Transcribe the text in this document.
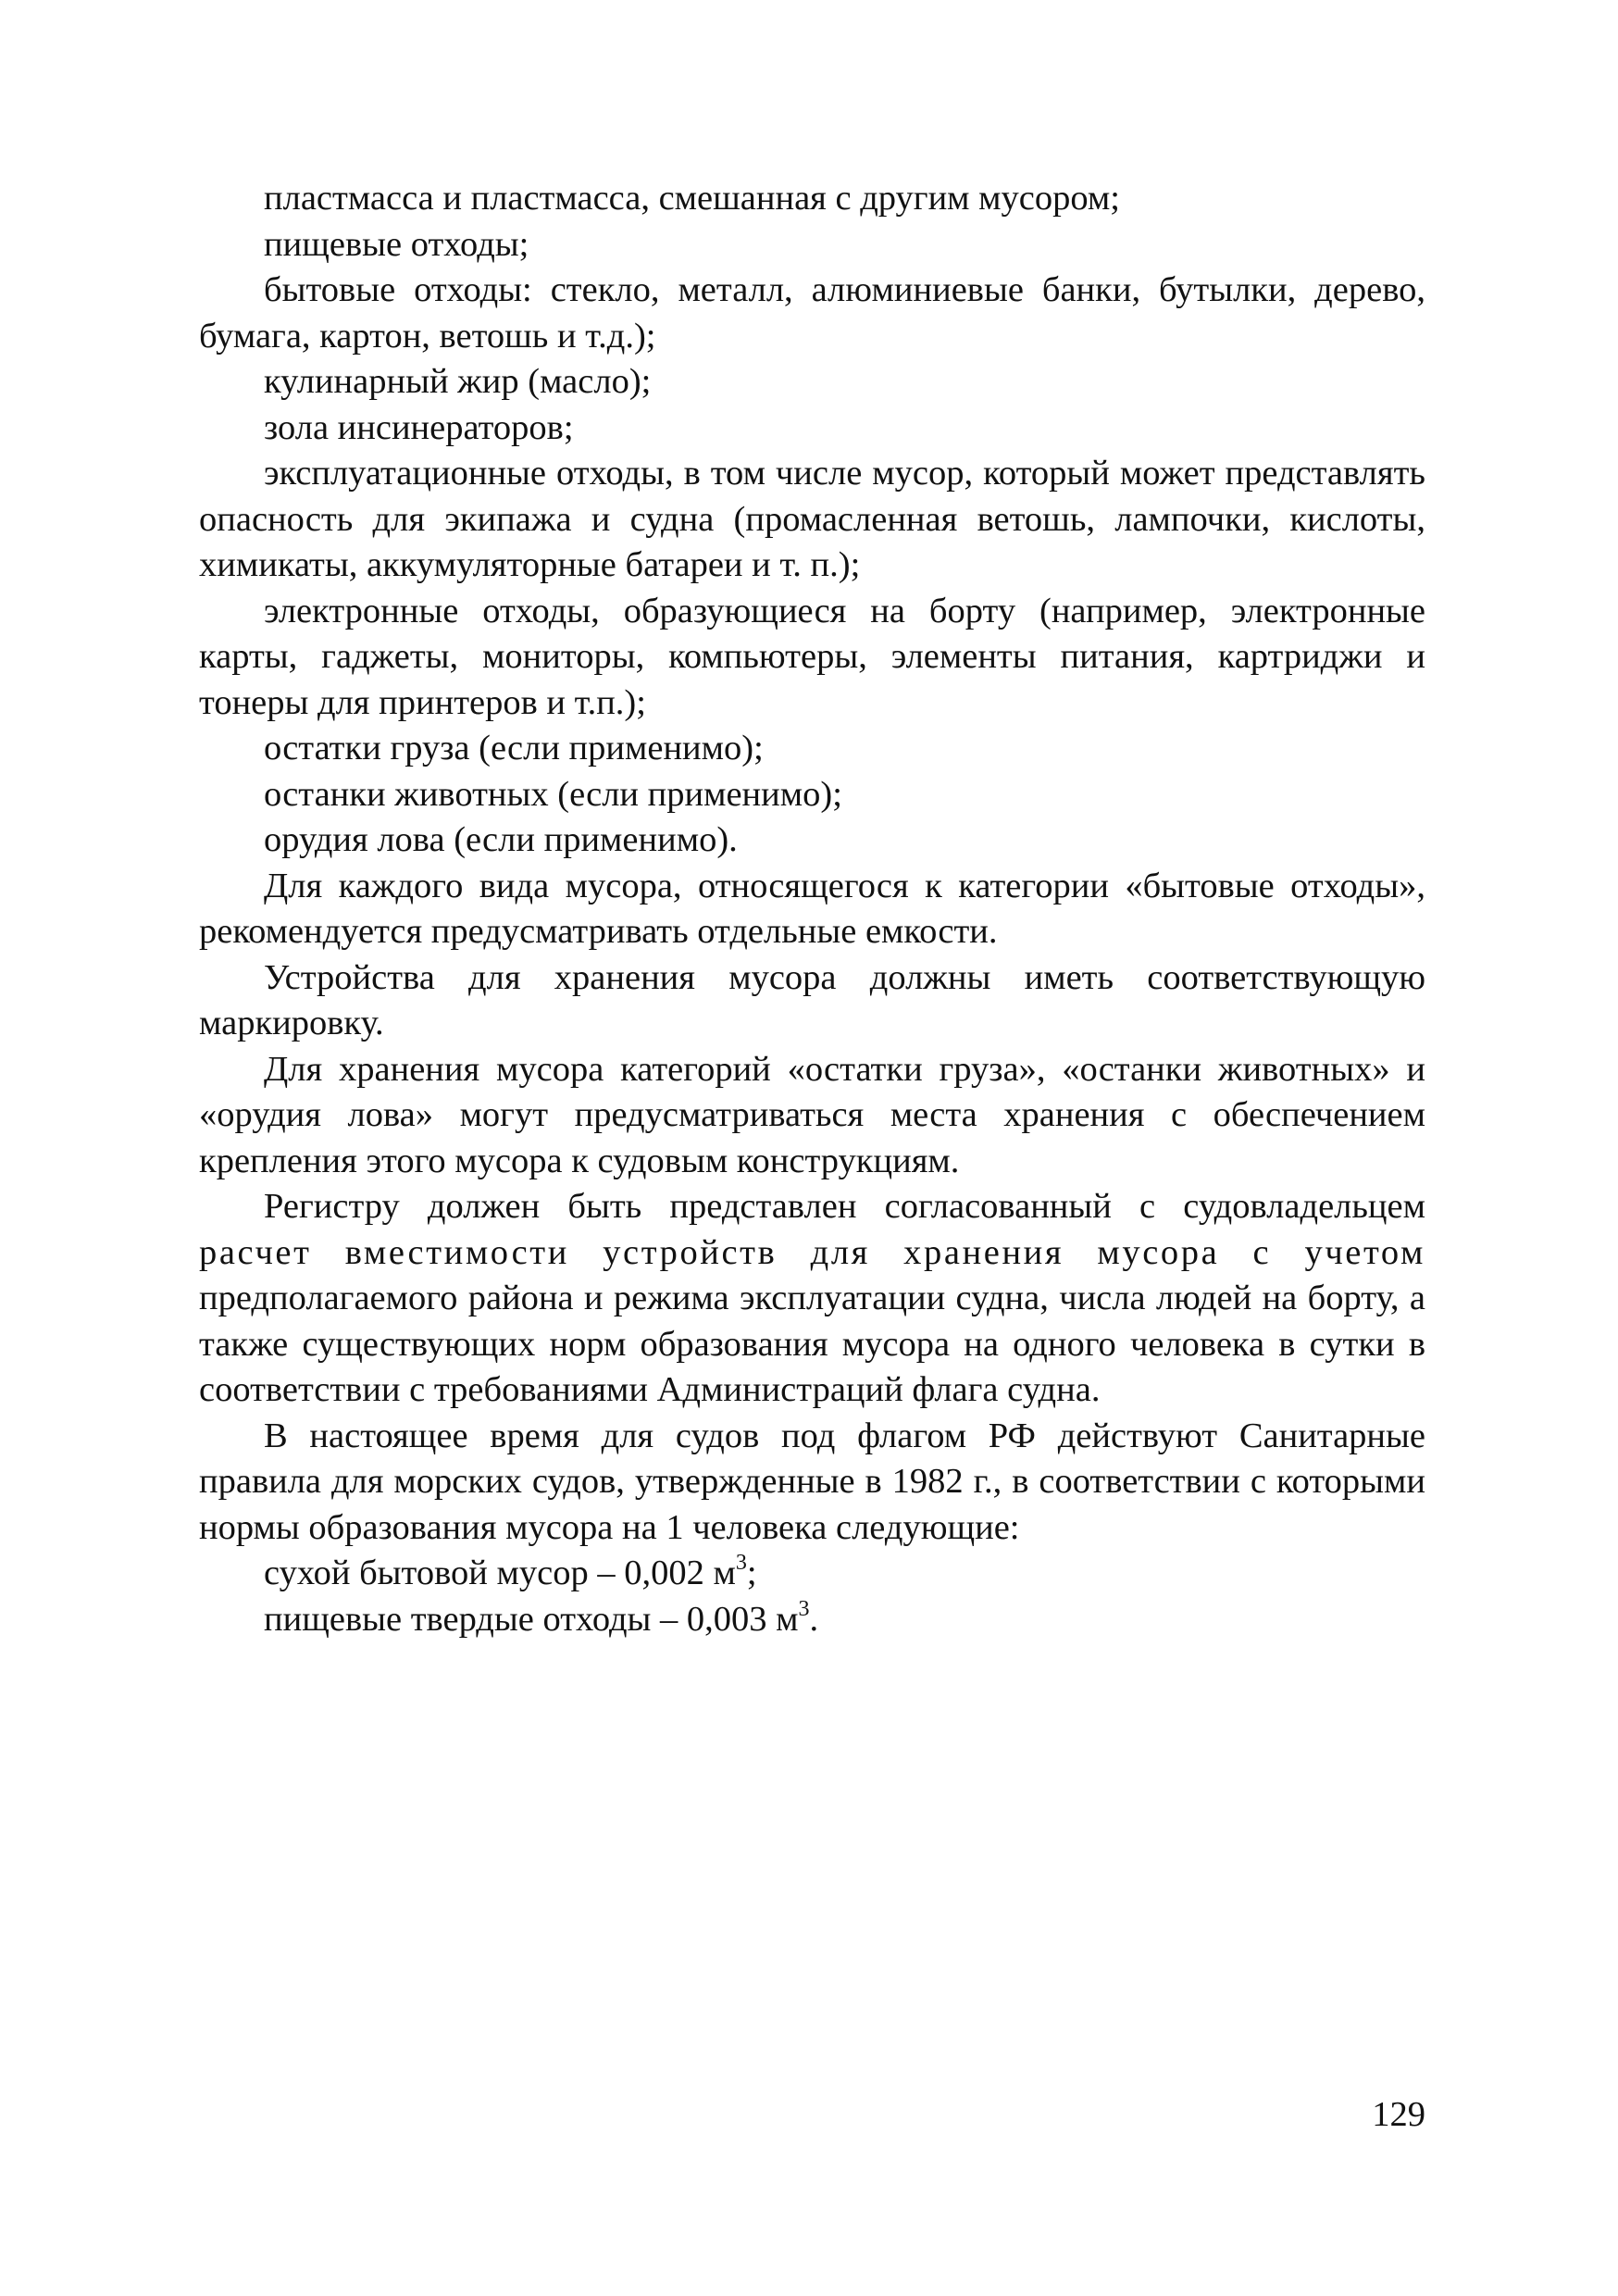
пластмасса и пластмасса, смешанная с другим мусором;

пищевые отходы;

бытовые отходы: стекло, металл, алюминиевые банки, бутылки, дерево, бумага, картон, ветошь и т.д.);

кулинарный жир (масло);

зола инсинераторов;

эксплуатационные отходы, в том числе мусор, который может представлять опасность для экипажа и судна (промасленная ветошь, лампочки, кислоты, химикаты, аккумуляторные батареи и т. п.);

электронные отходы, образующиеся на борту (например, электронные карты, гаджеты, мониторы, компьютеры, элементы питания, картриджи и тонеры для принтеров и т.п.);

остатки груза (если применимо);

останки животных (если применимо);

орудия лова (если применимо).

Для каждого вида мусора, относящегося к категории «бытовые отходы», рекомендуется предусматривать отдельные емкости.

Устройства для хранения мусора должны иметь соответствующую маркировку.

Для хранения мусора категорий «остатки груза», «останки животных» и «орудия лова» могут предусматриваться места хранения с обеспечением крепления этого мусора к судовым конструкциям.

Регистру должен быть представлен согласованный с судовладельцем расчет вместимости устройств для хранения мусора с учетом предполагаемого района и режима эксплуатации судна, числа людей на борту, а также существующих норм образования мусора на одного человека в сутки в соответствии с требованиями Администраций флага судна.

В настоящее время для судов под флагом РФ действуют Санитарные правила для морских судов, утвержденные в 1982 г., в соответствии с которыми нормы образования мусора на 1 человека следующие:

сухой бытовой мусор – 0,002 $м^3$;

пищевые твердые отходы – 0,003 $м^3$.

129
